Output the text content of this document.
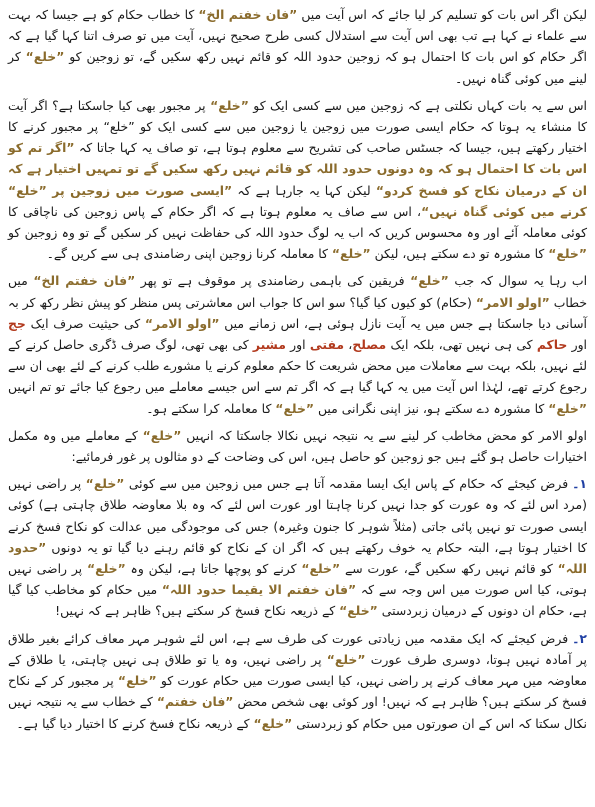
لیکن اگر اس بات کو تسلیم کر لیا جائے کہ اس آیت میں ”فان خفتم الخ“ کا خطاب حکام کو ہے جیسا کہ بہت سے علماء نے کہا ہے تب بھی اس آیت سے استدلال کسی طرح صحیح نہیں، آیت میں تو صرف اتنا کہا گیا ہے کہ اگر حکام کو اس بات کا احتمال ہو کہ زوجین حدود اللہ کو قائم نہیں رکھ سکیں گے، تو زوجین کو ”خلع“ کر لینے میں کوئی گناہ نہیں۔

اس سے یہ بات کہاں نکلتی ہے کہ زوجین میں سے کسی ایک کو ”خلع“ پر مجبور بھی کیا جاسکتا ہے؟ اگر آیت کا منشاء یہ ہوتا کہ حکام ایسی صورت میں زوجین یا زوجین میں سے کسی ایک کو ”خلع“ پر مجبور کرنے کا اختیار رکھتے ہیں، جیسا کہ جسٹس صاحب کی تشریح سے معلوم ہوتا ہے، تو صاف یہ کہا جاتا کہ ”اگر تم کو اس بات کا احتمال ہو کہ وہ دونوں حدود اللہ کو قائم نہیں رکھ سکیں گے تو تمہیں اختیار ہے کہ ان کے درمیان نکاح کو فسخ کردو“ لیکن کہا یہ جارہا ہے کہ ”ایسی صورت میں زوجین پر ”خلع“ کرنے میں کوئی گناہ نہیں“، اس سے صاف یہ معلوم ہوتا ہے کہ اگر حکام کے پاس زوجین کی ناچاقی کا کوئی معاملہ آئے اور وہ محسوس کریں کہ اب یہ لوگ حدود اللہ کی حفاظت نہیں کر سکیں گے تو وہ زوجین کو ”خلع“ کا مشورہ تو دے سکتے ہیں، لیکن ”خلع“ کا معاملہ کرنا زوجین اپنی رضامندی ہی سے کریں گے۔

اب رہا یہ سوال کہ جب ”خلع“ فریقین کی باہمی رضامندی پر موقوف ہے تو پھر ”فان خفتم الخ“ میں خطاب ”اولو الامر“ (حکام) کو کیوں کیا گیا؟ سو اس کا جواب اس معاشرتی پس منظر کو پیش نظر رکھ کر بہ آسانی دیا جاسکتا ہے جس میں یہ آیت نازل ہوئی ہے، اس زمانے میں ”اولو الامر“ کی حیثیت صرف ایک جج اور حاکم کی ہی نہیں تھی، بلکہ ایک مصلح، مفتی اور مشیر کی بھی تھی، لوگ صرف ڈگری حاصل کرنے کے لئے نہیں، بلکہ بہت سے معاملات میں محض شریعت کا حکم معلوم کرنے یا مشورے طلب کرنے کے لئے بھی ان سے رجوع کرتے تھے، لہٰذا اس آیت میں یہ کہا گیا ہے کہ اگر تم سے اس جیسے معاملے میں رجوع کیا جائے تو تم انہیں ”خلع“ کا مشورہ دے سکتے ہو، نیز اپنی نگرانی میں ”خلع“ کا معاملہ کرا سکتے ہو۔

اولو الامر کو محض مخاطب کر لینے سے یہ نتیجہ نہیں نکالا جاسکتا کہ انہیں ”خلع“ کے معاملے میں وہ مکمل اختیارات حاصل ہو گئے ہیں جو زوجین کو حاصل ہیں، اس کی وضاحت کے دو مثالوں پر غور فرمائیے:

۱۔فرض کیجئے کہ حکام کے پاس ایک ایسا مقدمہ آتا ہے جس میں زوجین میں سے کوئی ”خلع“ پر راضی نہیں (مرد اس لئے کہ وہ عورت کو جدا نہیں کرنا چاہتا اور عورت اس لئے کہ وہ بلا معاوضہ طلاق چاہتی ہے) کوئی ایسی صورت تو نہیں پائی جاتی (مثلاً شوہر کا جنون وغیرہ) جس کی موجودگی میں عدالت کو نکاح فسخ کرنے کا اختیار ہوتا ہے، البتہ حکام یہ خوف رکھتے ہیں کہ اگر ان کے نکاح کو قائم رہنے دیا گیا تو یہ دونوں ”حدود اللہ“ کو قائم نہیں رکھ سکیں گے، عورت سے ”خلع“ کرنے کو پوچھا جاتا ہے، لیکن وہ ”خلع“ پر راضی نہیں ہوتی، کیا اس صورت میں اس وجہ سے کہ ”فان خفتم الا یقیما حدود اللہ“ میں حکام کو مخاطب کیا گیا ہے، حکام ان دونوں کے درمیان زبردستی ”خلع“ کے ذریعہ نکاح فسخ کر سکتے ہیں؟ ظاہر ہے کہ نہیں!

۲۔فرض کیجئے کہ ایک مقدمہ میں زیادتی عورت کی طرف سے ہے، اس لئے شوہر مہر معاف کرائے بغیر طلاق پر آمادہ نہیں ہوتا، دوسری طرف عورت ”خلع“ پر راضی نہیں، وہ یا تو طلاق ہی نہیں چاہتی، یا طلاق کے معاوضہ میں مہر معاف کرنے پر راضی نہیں، کیا ایسی صورت میں حکام عورت کو ”خلع“ پر مجبور کر کے نکاح فسخ کر سکتے ہیں؟ ظاہر ہے کہ نہیں! اور کوئی بھی شخص محض ”فان خفتم“ کے خطاب سے یہ نتیجہ نہیں نکال سکتا کہ اس کے ان صورتوں میں حکام کو زبردستی ”خلع“ کے ذریعہ نکاح فسخ کرنے کا اختیار دیا گیا ہے۔
